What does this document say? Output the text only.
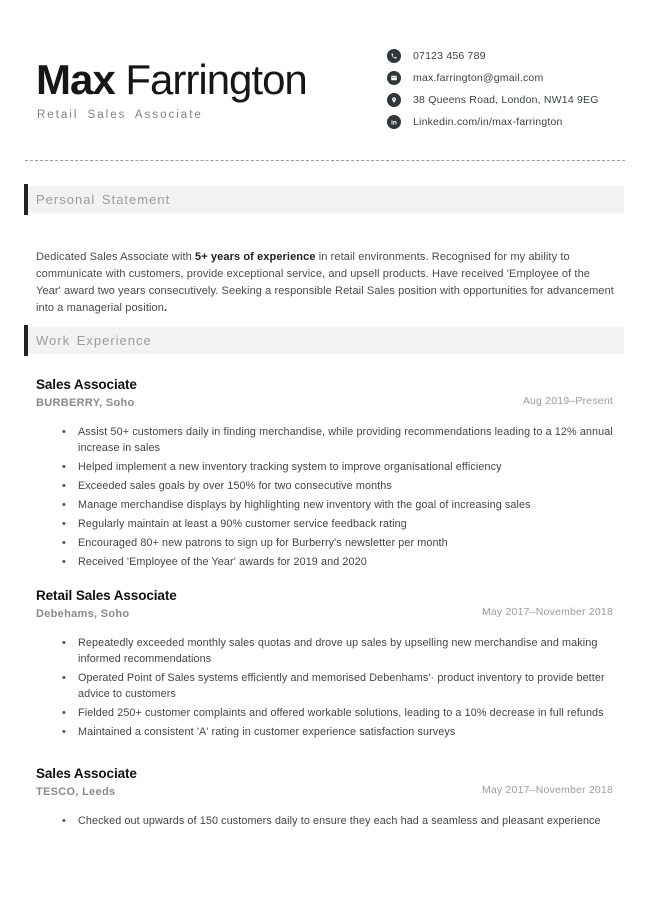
Max Farrington
Retail Sales Associate
07123 456 789
max.farrington@gmail.com
38 Queens Road, London, NW14 9EG
in Linkedin.com/in/max-farrington
Personal Statement

Dedicated Sales Associate with 5+ years of experience in retail environments. Recognised for my ability to communicate with customers, provide exceptional service, and upsell products. Have received 'Employee of the Year' award two years consecutively. Seeking a responsible Retail Sales position with opportunities for advancement into a managerial position.

Work Experience
Sales Associate
BURBERRY, Soho	Aug 2019–Present
• Assist 50+ customers daily in finding merchandise, while providing recommendations leading to a 12% annual increase in sales
• Helped implement a new inventory tracking system to improve organisational efficiency
• Exceeded sales goals by over 150% for two consecutive months
• Manage merchandise displays by highlighting new inventory with the goal of increasing sales
• Regularly maintain at least a 90% customer service feedback rating
• Encouraged 80+ new patrons to sign up for Burberry's newsletter per month
• Received 'Employee of the Year' awards for 2019 and 2020
Retail Sales Associate
Debehams, Soho	May 2017–November 2018
• Repeatedly exceeded monthly sales quotas and drove up sales by upselling new merchandise and making informed recommendations
• Operated Point of Sales systems efficiently and memorised Debenhams'· product inventory to provide better advice to customers
• Fielded 250+ customer complaints and offered workable solutions, leading to a 10% decrease in full refunds
• Maintained a consistent 'A' rating in customer experience satisfaction surveys
Sales Associate
TESCO, Leeds	May 2017–November 2018
• Checked out upwards of 150 customers daily to ensure they each had a seamless and pleasant experience
